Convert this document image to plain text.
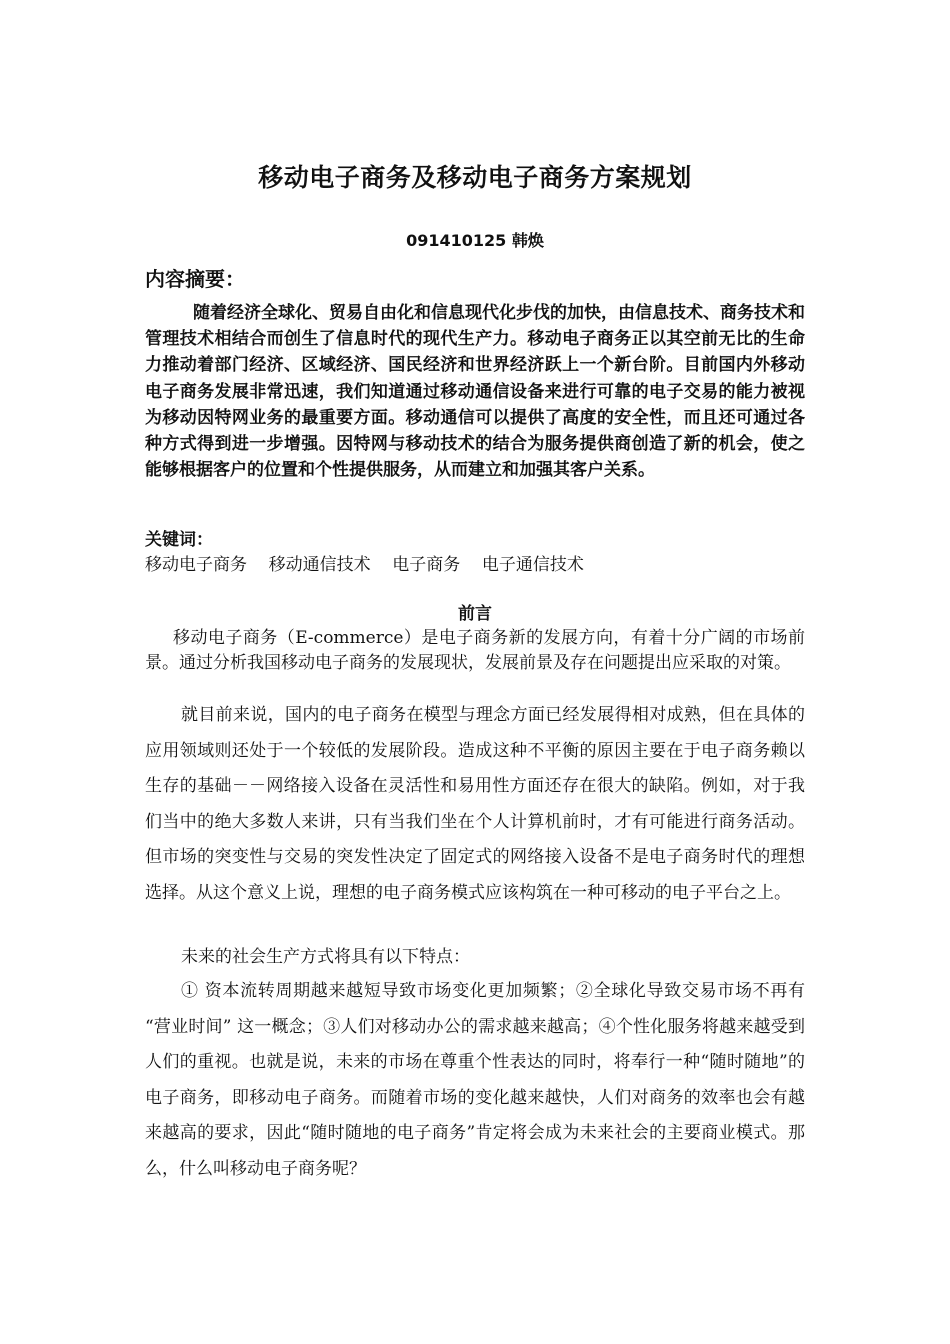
移动电子商务及移动电子商务方案规划
091410125 韩焕
内容摘要：

随着经济全球化、贸易自由化和信息现代化步伐的加快，由信息技术、商务技术和管理技术相结合而创生了信息时代的现代生产力。移动电子商务正以其空前无比的生命力推动着部门经济、区域经济、国民经济和世界经济跃上一个新台阶。目前国内外移动电子商务发展非常迅速，我们知道通过移动通信设备来进行可靠的电子交易的能力被视为移动因特网业务的最重要方面。移动通信可以提供了高度的安全性，而且还可通过各种方式得到进一步增强。因特网与移动技术的结合为服务提供商创造了新的机会，使之能够根据客户的位置和个性提供服务，从而建立和加强其客户关系。

关键词：
移动电子商务    移动通信技术    电子商务    电子通信技术
前言

移动电子商务（E-commerce）是电子商务新的发展方向，有着十分广阔的市场前景。通过分析我国移动电子商务的发展现状，发展前景及存在问题提出应采取的对策。

就目前来说，国内的电子商务在模型与理念方面已经发展得相对成熟，但在具体的应用领域则还处于一个较低的发展阶段。造成这种不平衡的原因主要在于电子商务赖以生存的基础－－网络接入设备在灵活性和易用性方面还存在很大的缺陷。例如，对于我们当中的绝大多数人来讲，只有当我们坐在个人计算机前时，才有可能进行商务活动。但市场的突变性与交易的突发性决定了固定式的网络接入设备不是电子商务时代的理想选择。从这个意义上说，理想的电子商务模式应该构筑在一种可移动的电子平台之上。

未来的社会生产方式将具有以下特点：

① 资本流转周期越来越短导致市场变化更加频繁；②全球化导致交易市场不再有 “营业时间” 这一概念；③人们对移动办公的需求越来越高；④个性化服务将越来越受到人们的重视。也就是说，未来的市场在尊重个性表达的同时，将奉行一种“随时随地”的电子商务，即移动电子商务。而随着市场的变化越来越快，人们对商务的效率也会有越来越高的要求，因此“随时随地的电子商务”肯定将会成为未来社会的主要商业模式。那么，什么叫移动电子商务呢？
